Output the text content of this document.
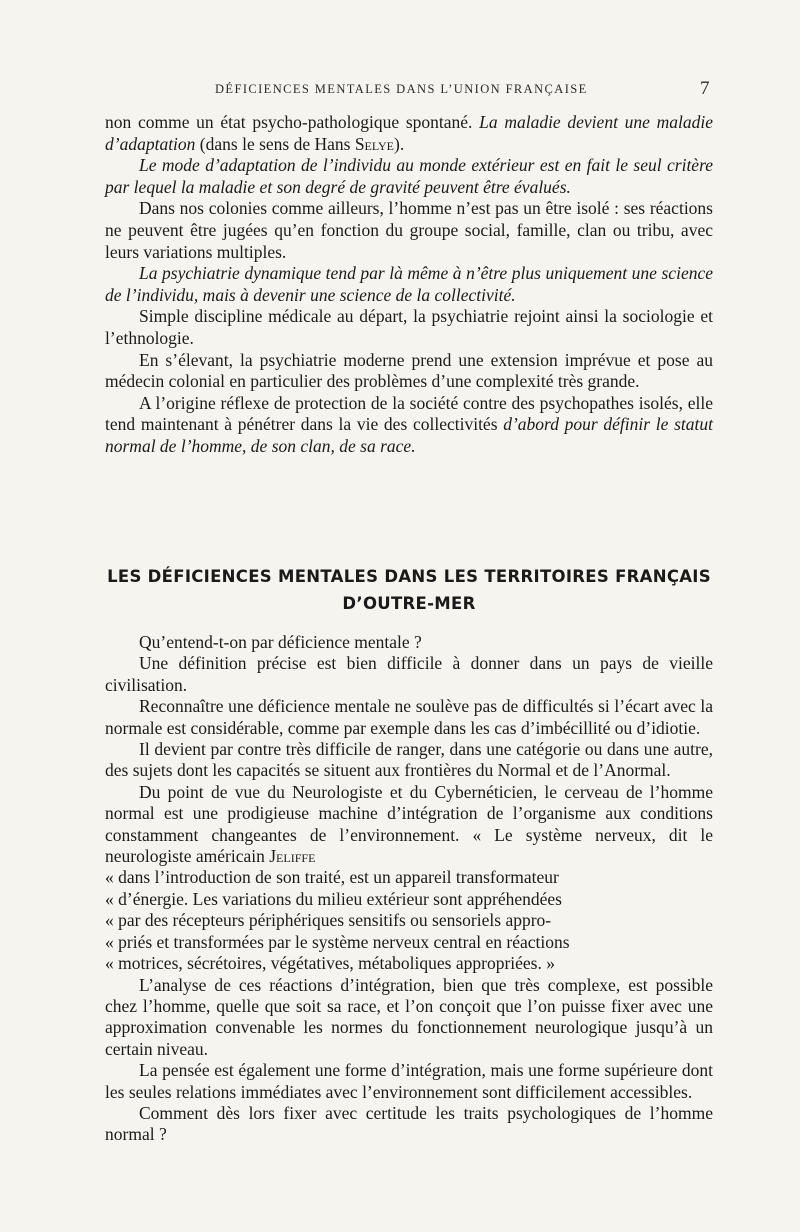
DÉFICIENCES MENTALES DANS L’UNION FRANÇAISE	7

non comme un état psycho-pathologique spontané. La maladie devient une maladie d’adaptation (dans le sens de Hans Selye).

Le mode d’adaptation de l’individu au monde extérieur est en fait le seul critère par lequel la maladie et son degré de gravité peuvent être évalués.

Dans nos colonies comme ailleurs, l’homme n’est pas un être isolé : ses réactions ne peuvent être jugées qu’en fonction du groupe social, famille, clan ou tribu, avec leurs variations multiples.

La psychiatrie dynamique tend par là même à n’être plus uniquement une science de l’individu, mais à devenir une science de la collectivité.

Simple discipline médicale au départ, la psychiatrie rejoint ainsi la sociologie et l’ethnologie.

En s’élevant, la psychiatrie moderne prend une extension imprévue et pose au médecin colonial en particulier des problèmes d’une complexité très grande.

A l’origine réflexe de protection de la société contre des psychopathes isolés, elle tend maintenant à pénétrer dans la vie des collectivités d’abord pour définir le statut normal de l’homme, de son clan, de sa race.

LES DÉFICIENCES MENTALES DANS LES TERRITOIRES FRANÇAIS
D’OUTRE-MER

Qu’entend-t-on par déficience mentale ?

Une définition précise est bien difficile à donner dans un pays de vieille civilisation.

Reconnaître une déficience mentale ne soulève pas de difficultés si l’écart avec la normale est considérable, comme par exemple dans les cas d’imbécillité ou d’idiotie.

Il devient par contre très difficile de ranger, dans une catégorie ou dans une autre, des sujets dont les capacités se situent aux frontières du Normal et de l’Anormal.

Du point de vue du Neurologiste et du Cybernéticien, le cerveau de l’homme normal est une prodigieuse machine d’intégration de l’organisme aux conditions constamment changeantes de l’environnement. « Le système nerveux, dit le neurologiste américain Jeliffe

« dans l’introduction de son traité, est un appareil transformateur

« d’énergie. Les variations du milieu extérieur sont appréhendées

« par des récepteurs périphériques sensitifs ou sensoriels appro-

« priés et transformées par le système nerveux central en réactions

« motrices, sécrétoires, végétatives, métaboliques appropriées. »

L’analyse de ces réactions d’intégration, bien que très complexe, est possible chez l’homme, quelle que soit sa race, et l’on conçoit que l’on puisse fixer avec une approximation convenable les normes du fonctionnement neurologique jusqu’à un certain niveau.

La pensée est également une forme d’intégration, mais une forme supérieure dont les seules relations immédiates avec l’environnement sont difficilement accessibles.

Comment dès lors fixer avec certitude les traits psychologiques de l’homme normal ?
